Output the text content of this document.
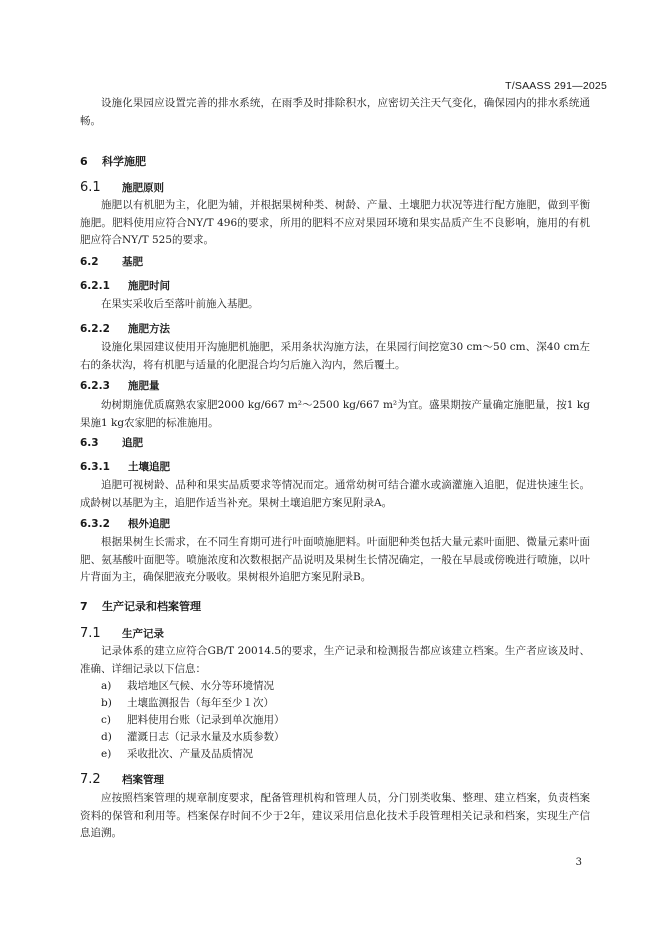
T/SAASS 291—2025

设施化果园应设置完善的排水系统，在雨季及时排除积水，应密切关注天气变化，确保园内的排水系统通畅。

6 科学施肥
6.1 施肥原则

施肥以有机肥为主，化肥为辅，并根据果树种类、树龄、产量、土壤肥力状况等进行配方施肥，做到平衡施肥。肥料使用应符合NY/T 496的要求，所用的肥料不应对果园环境和果实品质产生不良影响，施用的有机肥应符合NY/T 525的要求。

6.2 基肥
6.2.1 施肥时间

在果实采收后至落叶前施入基肥。

6.2.2 施肥方法

设施化果园建议使用开沟施肥机施肥，采用条状沟施方法，在果园行间挖宽30 cm～50 cm、深40 cm左右的条状沟，将有机肥与适量的化肥混合均匀后施入沟内，然后覆土。

6.2.3 施肥量

幼树期施优质腐熟农家肥2000 kg/667 m²～2500 kg/667 m²为宜。盛果期按产量确定施肥量，按1 kg果施1 kg农家肥的标准施用。

6.3 追肥
6.3.1 土壤追肥

追肥可视树龄、品种和果实品质要求等情况而定。通常幼树可结合灌水或滴灌施入追肥，促进快速生长。成龄树以基肥为主，追肥作适当补充。果树土壤追肥方案见附录A。

6.3.2 根外追肥

根据果树生长需求，在不同生育期可进行叶面喷施肥料。叶面肥种类包括大量元素叶面肥、微量元素叶面肥、氨基酸叶面肥等。喷施浓度和次数根据产品说明及果树生长情况确定，一般在早晨或傍晚进行喷施，以叶片背面为主，确保肥液充分吸收。果树根外追肥方案见附录B。

7 生产记录和档案管理
7.1 生产记录

记录体系的建立应符合GB/T 20014.5的要求，生产记录和检测报告都应该建立档案。生产者应该及时、准确、详细记录以下信息：

a) 栽培地区气候、水分等环境情况
b) 土壤监测报告（每年至少１次）
c) 肥料使用台账（记录到单次施用）
d) 灌溉日志（记录水量及水质参数）
e) 采收批次、产量及品质情况
7.2 档案管理

应按照档案管理的规章制度要求，配备管理机构和管理人员，分门别类收集、整理、建立档案，负责档案资料的保管和利用等。档案保存时间不少于2年，建议采用信息化技术手段管理相关记录和档案，实现生产信息追溯。

3
